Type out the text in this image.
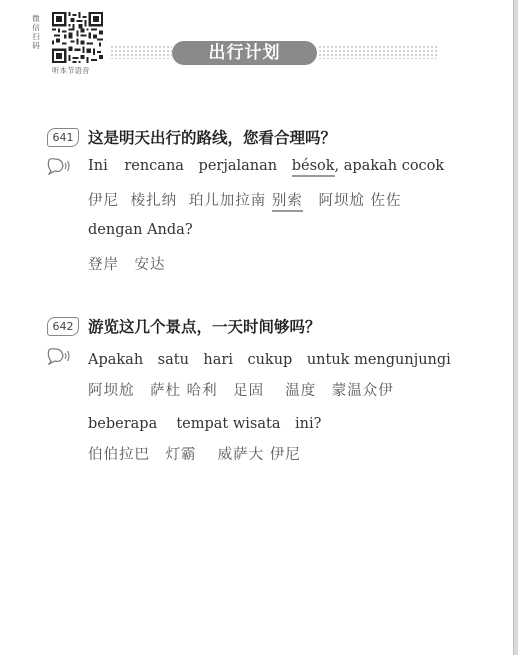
微信扫码
听本节语音
出行计划
641 这是明天出行的路线，您看合理吗？
Ini rencana perjalanan bésok, apakah cocok
伊尼 棱扎纳 珀儿加拉南 别索 阿坝尬 佐佐
dengan Anda?
登岸　安达
642 游览这几个景点，一天时间够吗？
Apakah　satu　hari　cukup　untuk mengunjungi
阿坝尬　萨杜 哈利　足固　 温度　蒙温众伊
beberapa　 tempat wisata　ini?
伯伯拉巴　灯霸　 威萨大 伊尼
